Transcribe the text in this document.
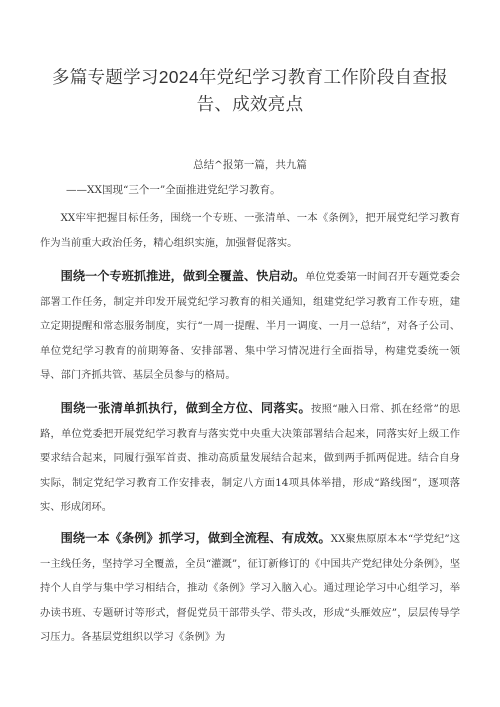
多篇专题学习2024年党纪学习教育工作阶段自查报告、成效亮点
总结^报第一篇，共九篇
——XX国现“三个一”全面推进党纪学习教育。
XX牢牢把握目标任务，围绕一个专班、一张清单、一本《条例》，把开展党纪学习教育作为当前重大政治任务，精心组织实施，加强督促落实。
围绕一个专班抓推进，做到全覆盖、快启动。单位党委第一时间召开专题党委会部署工作任务，制定并印发开展党纪学习教育的相关通知，组建党纪学习教育工作专班，建立定期提醒和常态服务制度，实行“一周一提醒、半月一调度、一月一总结”，对各子公司、单位党纪学习教育的前期筹备、安排部署、集中学习情况进行全面指导，构建党委统一领导、部门齐抓共管、基层全员参与的格局。
围绕一张清单抓执行，做到全方位、同落实。按照“融入日常、抓在经常”的思路，单位党委把开展党纪学习教育与落实党中央重大决策部署结合起来，同落实好上级工作要求结合起来，同履行强军首责、推动高质量发展结合起来，做到两手抓两促进。结合自身实际，制定党纪学习教育工作安排表，制定八方面14项具体举措，形成“路线图”，逐项落实、形成闭环。
围绕一本《条例》抓学习，做到全流程、有成效。XX聚焦原原本本“学党纪”这一主线任务，坚持学习全覆盖，全员“灌溉”，征订新修订的《中国共产党纪律处分条例》，坚持个人自学与集中学习相结合，推动《条例》学习入脑入心。通过理论学习中心组学习，举办读书班、专题研讨等形式，督促党员干部带头学、带头改，形成“头雁效应”，层层传导学习压力。各基层党组织以学习《条例》为
